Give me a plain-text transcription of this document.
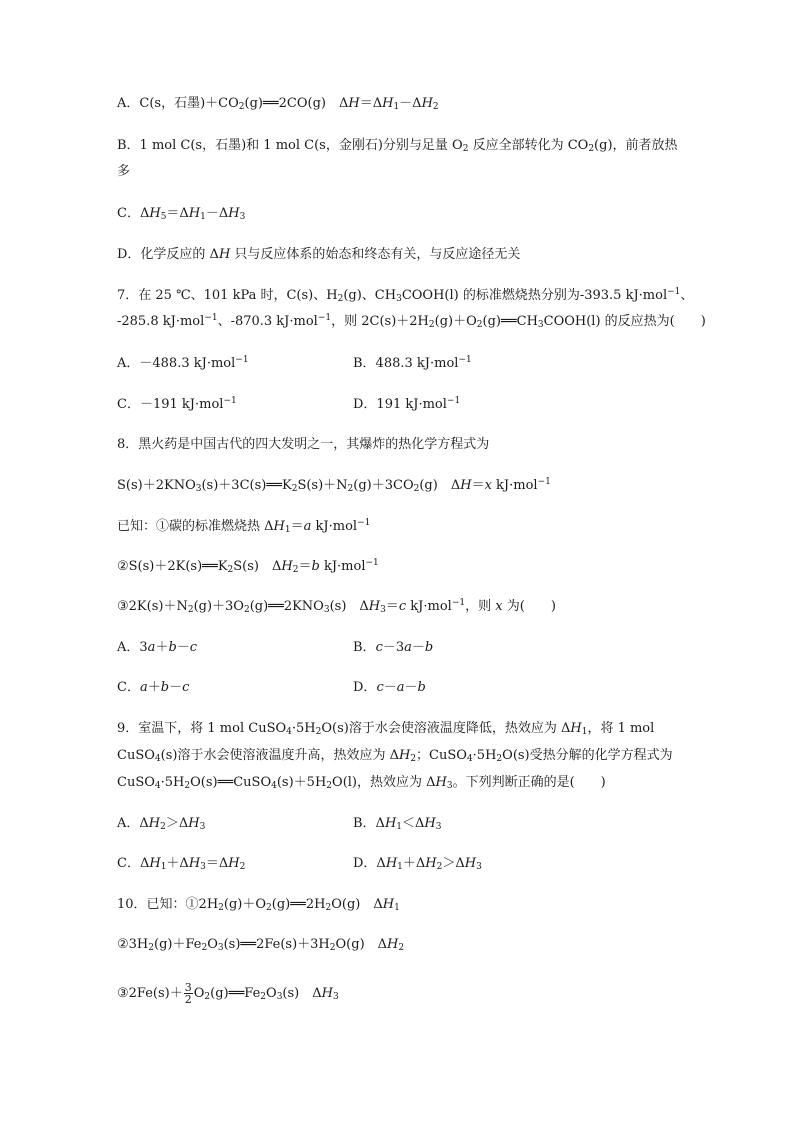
A．C(s，石墨)$+CO_2(g)══2CO(g)$　$\Delta H=\Delta H_1-\Delta H_2$
B．1 mol C(s，石墨)和 1 mol C(s，金刚石)分别与足量 $O_2$ 反应全部转化为 $CO_2(g)$，前者放热
多
C．$\Delta H_5=\Delta H_1-\Delta H_3$
D．化学反应的 ΔH 只与反应体系的始态和终态有关，与反应途径无关
7．在 25 ℃、101 kPa 时，C(s)、$H_2(g)$、$CH_3COOH(l)$ 的标准燃烧热分别为-393.5 kJ·mol$^{-1}$、
-285.8 kJ·mol$^{-1}$、-870.3 kJ·mol$^{-1}$，则 $2C(s)+2H_2(g)+O_2(g)══CH_3COOH(l)$ 的反应热为(　　)
A．－488.3 kJ·mol$^{-1}$	B．488.3 kJ·mol$^{-1}$
C．－191 kJ·mol$^{-1}$	D．191 kJ·mol$^{-1}$
8．黑火药是中国古代的四大发明之一，其爆炸的热化学方程式为
$S(s)+2KNO_3(s)+3C(s)══K_2S(s)+N_2(g)+3CO_2(g)$　ΔH＝x kJ·mol$^{-1}$
已知：①碳的标准燃烧热 $\Delta H_1=a$ kJ·mol$^{-1}$
$②S(s)+2K(s)══K_2S(s)$　$\Delta H_2=b$ kJ·mol$^{-1}$
$③2K(s)+N_2(g)+3O_2(g)══2KNO_3(s)$　$\Delta H_3=c$ kJ·mol$^{-1}$，则 x 为(　　)
A．3a＋b－c	B．c－3a－b
C．a＋b－c	D．c－a－b
9．室温下，将 1 mol $CuSO_4\cdot 5H_2O(s)$溶于水会使溶液温度降低，热效应为 $\Delta H_1$，将 1 mol
CuSO$_4$(s)溶于水会使溶液温度升高，热效应为 $\Delta H_2$；$CuSO_4\cdot 5H_2O(s)$受热分解的化学方程式为
$CuSO_4\cdot 5H_2O(s)══CuSO_4(s)+5H_2O(l)$，热效应为 $\Delta H_3$。下列判断正确的是(　　)
A．$\Delta H_2>\Delta H_3$	B．$\Delta H_1<\Delta H_3$
C．$\Delta H_1+\Delta H_3=\Delta H_2$	D．$\Delta H_1+\Delta H_2>\Delta H_3$
10．已知：$①2H_2(g)+O_2(g)══2H_2O(g)$　$\Delta H_1$
$②3H_2(g)+Fe_2O_3(s)══2Fe(s)+3H_2O(g)$　$\Delta H_2$
③2Fe(s)＋ $\frac{3}{2}$ $O_2(g)══Fe_2O_3(s)$　$\Delta H_3$
